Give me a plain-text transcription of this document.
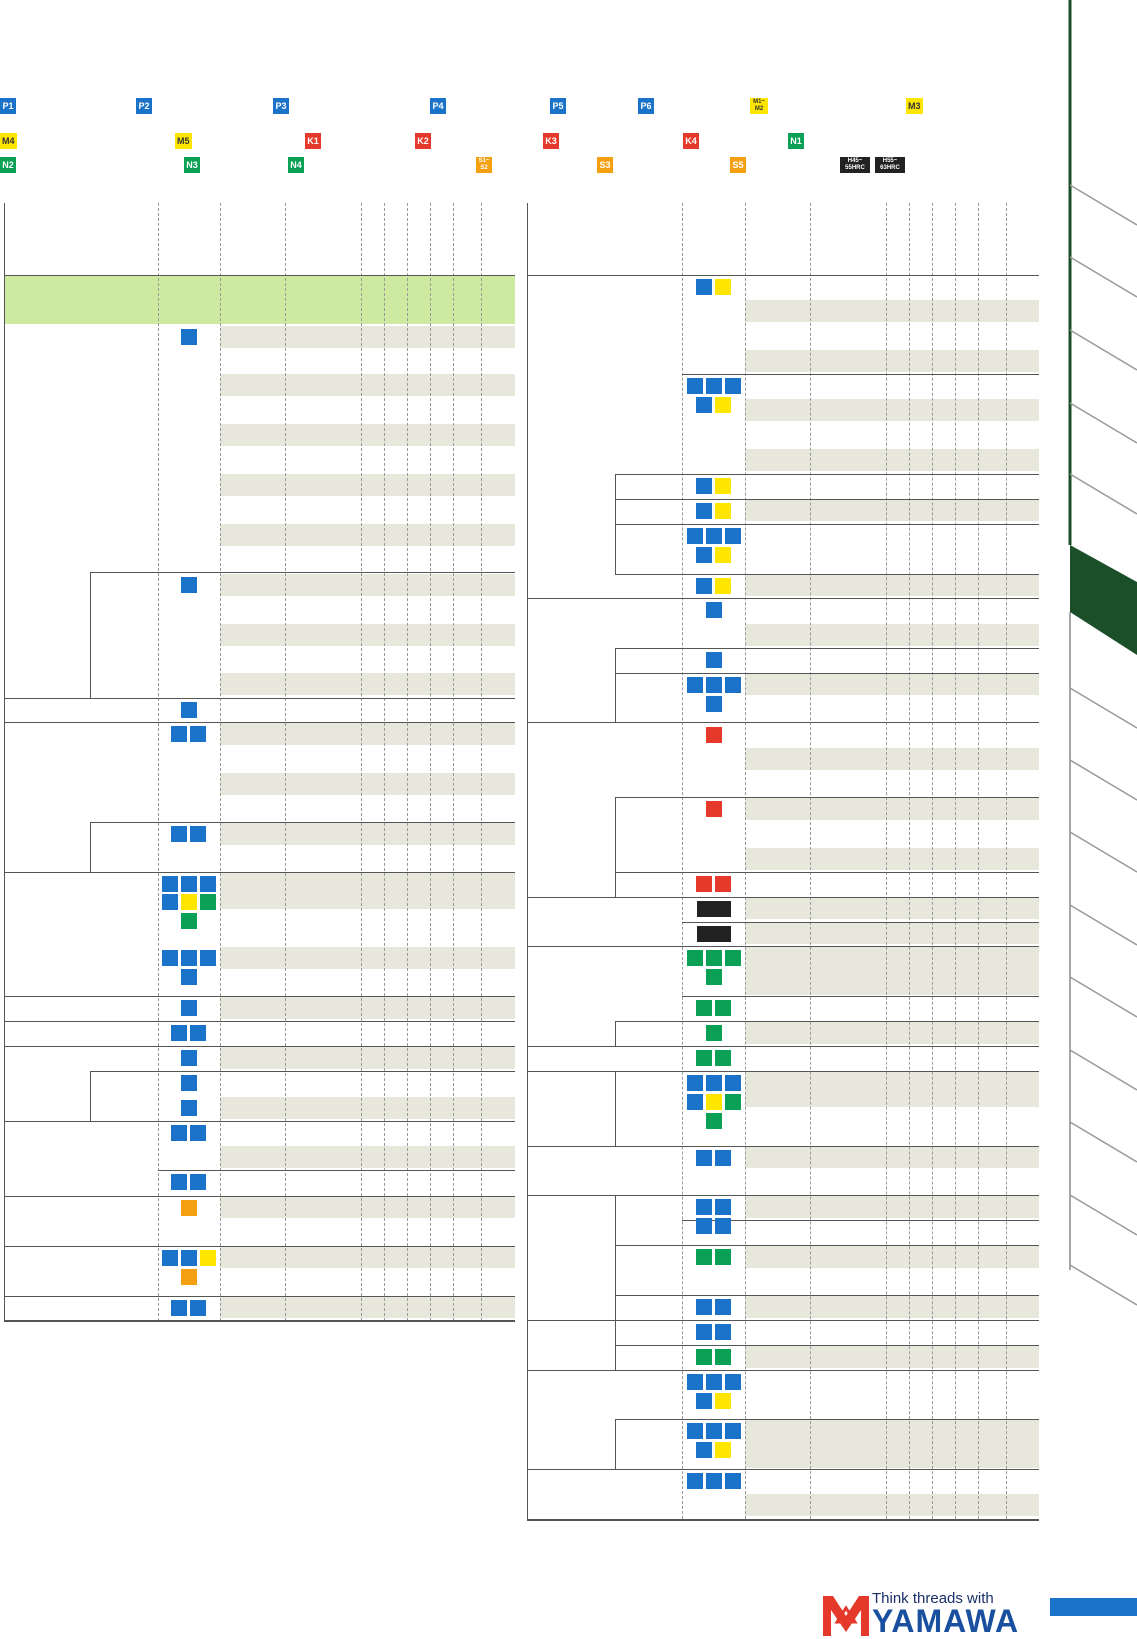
P1	P2	P3	P4	P5	P6	M1~
M2	M3
M4	M5	K1	K2	K3	K4	N1
N2	N3	N4	S1~
S2	S3	S5	H45~
55HRC
H55~
63HRC
Think threads with
YAMAWA
